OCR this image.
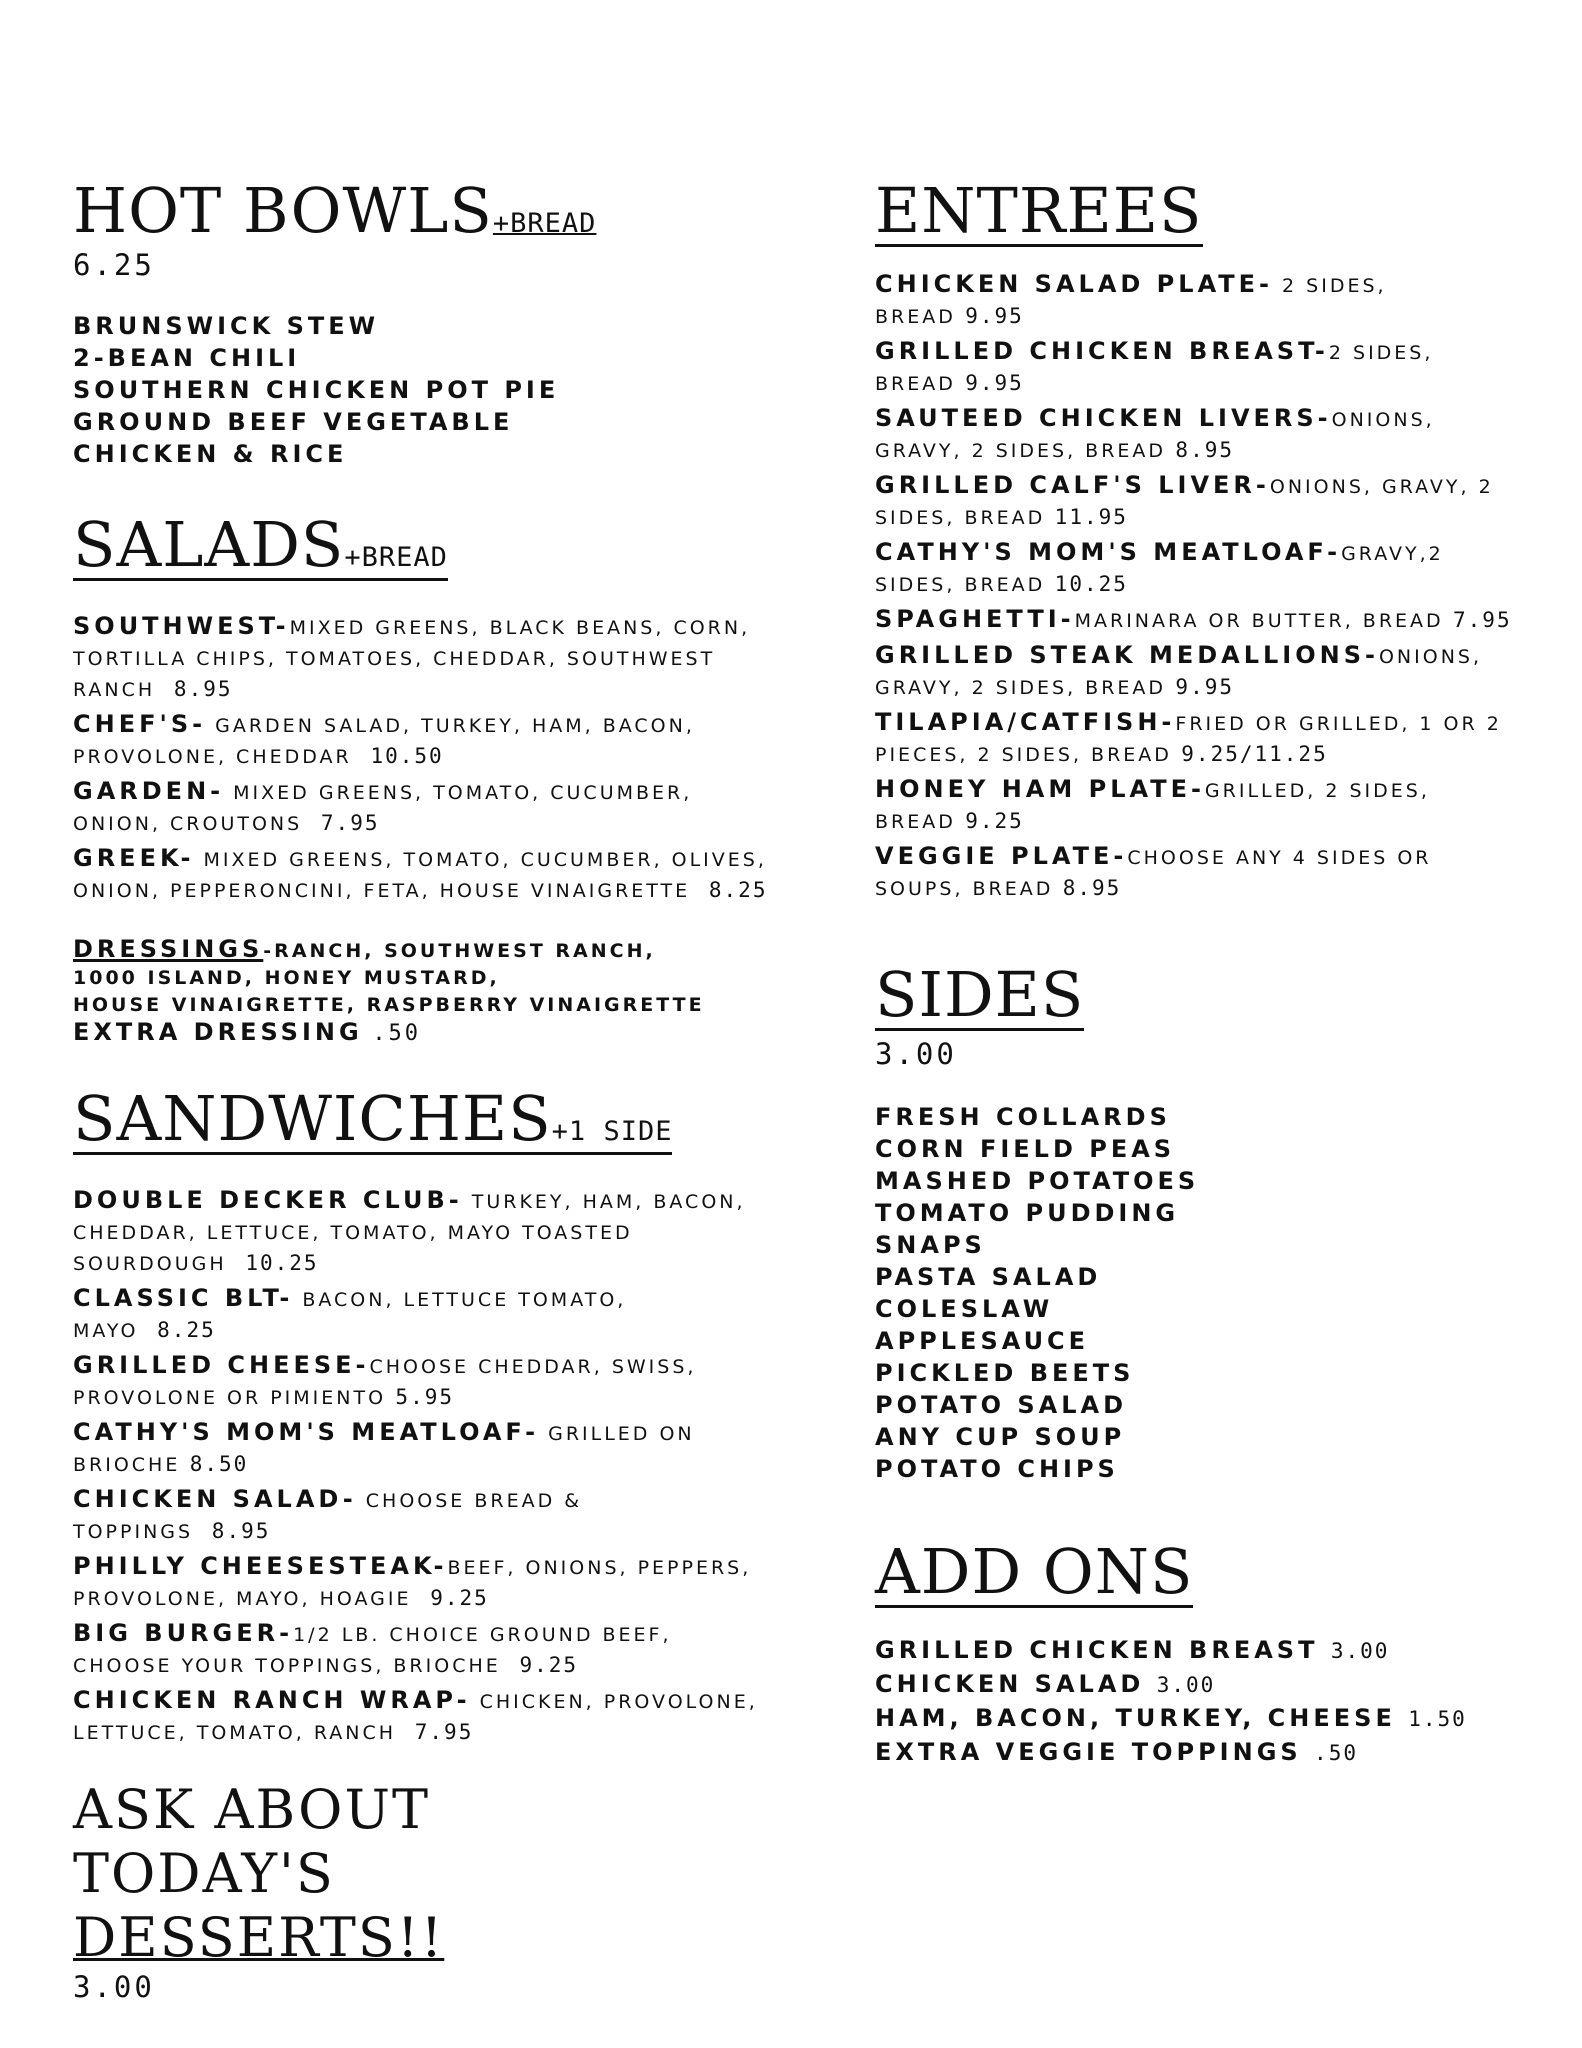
HOT BOWLS+BREAD
6.25
BRUNSWICK STEW
2-BEAN CHILI
SOUTHERN CHICKEN POT PIE
GROUND BEEF VEGETABLE
CHICKEN & RICE
SALADS+BREAD
SOUTHWEST-MIXED GREENS, BLACK BEANS, CORN, TORTILLA CHIPS, TOMATOES, CHEDDAR, SOUTHWEST RANCH 8.95
CHEF'S- GARDEN SALAD, TURKEY, HAM, BACON, PROVOLONE, CHEDDAR 10.50
GARDEN- MIXED GREENS, TOMATO, CUCUMBER, ONION, CROUTONS 7.95
GREEK- MIXED GREENS, TOMATO, CUCUMBER, OLIVES, ONION, PEPPERONCINI, FETA, HOUSE VINAIGRETTE 8.25
DRESSINGS-RANCH, SOUTHWEST RANCH,
1000 ISLAND, HONEY MUSTARD,
HOUSE VINAIGRETTE, RASPBERRY VINAIGRETTE
EXTRA DRESSING .50
SANDWICHES+1 SIDE
DOUBLE DECKER CLUB- TURKEY, HAM, BACON, CHEDDAR, LETTUCE, TOMATO, MAYO TOASTED SOURDOUGH 10.25
CLASSIC BLT- BACON, LETTUCE TOMATO, MAYO 8.25
GRILLED CHEESE-CHOOSE CHEDDAR, SWISS, PROVOLONE OR PIMIENTO 5.95
CATHY'S MOM'S MEATLOAF- GRILLED ON BRIOCHE 8.50
CHICKEN SALAD- CHOOSE BREAD & TOPPINGS 8.95
PHILLY CHEESESTEAK-BEEF, ONIONS, PEPPERS, PROVOLONE, MAYO, HOAGIE 9.25
BIG BURGER-1/2 LB. CHOICE GROUND BEEF, CHOOSE YOUR TOPPINGS, BRIOCHE 9.25
CHICKEN RANCH WRAP- CHICKEN, PROVOLONE, LETTUCE, TOMATO, RANCH 7.95
ASK ABOUT
TODAY'S
DESSERTS!!
3.00
ENTREES
CHICKEN SALAD PLATE- 2 SIDES, BREAD 9.95
GRILLED CHICKEN BREAST-2 SIDES, BREAD 9.95
SAUTEED CHICKEN LIVERS-ONIONS, GRAVY, 2 SIDES, BREAD 8.95
GRILLED CALF'S LIVER-ONIONS, GRAVY, 2 SIDES, BREAD 11.95
CATHY'S MOM'S MEATLOAF-GRAVY,2 SIDES, BREAD 10.25
SPAGHETTI-MARINARA OR BUTTER, BREAD 7.95
GRILLED STEAK MEDALLIONS-ONIONS, GRAVY, 2 SIDES, BREAD 9.95
TILAPIA/CATFISH-FRIED OR GRILLED, 1 OR 2 PIECES, 2 SIDES, BREAD 9.25/11.25
HONEY HAM PLATE-GRILLED, 2 SIDES, BREAD 9.25
VEGGIE PLATE-CHOOSE ANY 4 SIDES OR SOUPS, BREAD 8.95
SIDES
3.00
FRESH COLLARDS
CORN FIELD PEAS
MASHED POTATOES
TOMATO PUDDING
SNAPS
PASTA SALAD
COLESLAW
APPLESAUCE
PICKLED BEETS
POTATO SALAD
ANY CUP SOUP
POTATO CHIPS
ADD ONS
GRILLED CHICKEN BREAST 3.00
CHICKEN SALAD 3.00
HAM, BACON, TURKEY, CHEESE 1.50
EXTRA VEGGIE TOPPINGS .50
